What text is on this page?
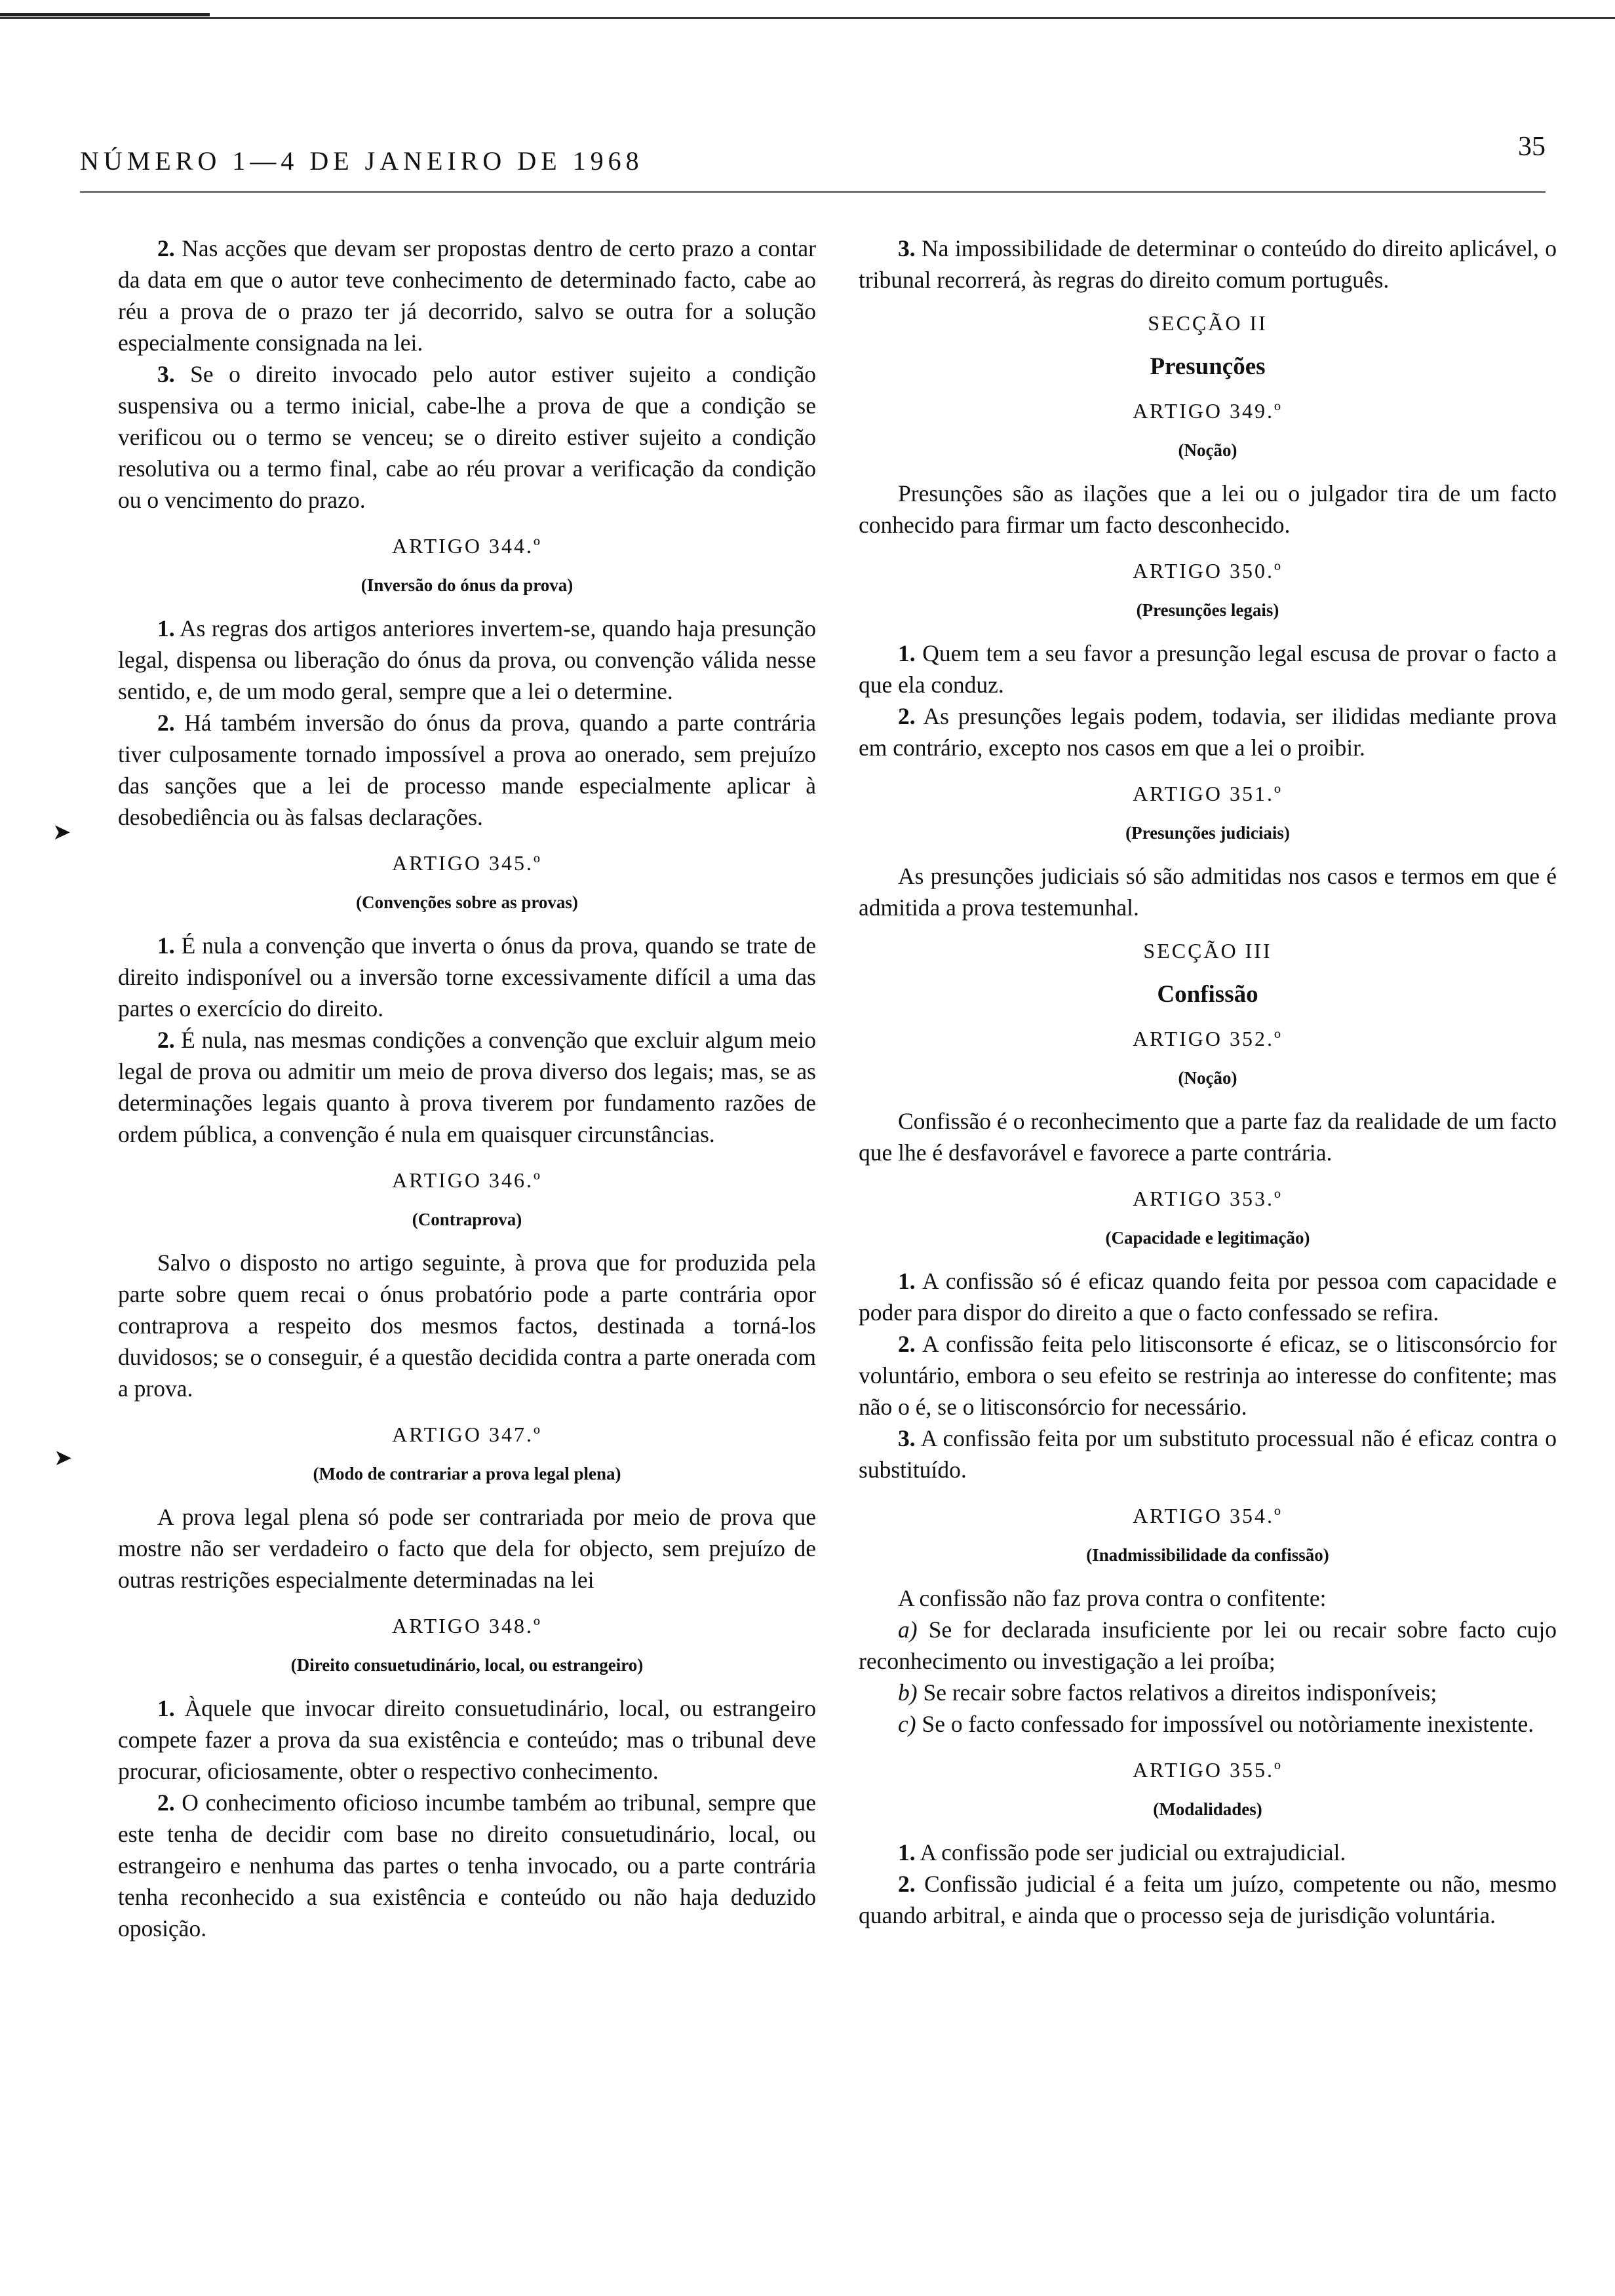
NÚMERO 1—4 DE JANEIRO DE 1968	35
➤
➤

2. Nas acções que devam ser propostas dentro de certo prazo a contar da data em que o autor teve conhecimento de determinado facto, cabe ao réu a prova de o prazo ter já decorrido, salvo se outra for a solução especialmente consignada na lei.

3. Se o direito invocado pelo autor estiver sujeito a condição suspensiva ou a termo inicial, cabe-lhe a prova de que a condição se verificou ou o termo se venceu; se o direito estiver sujeito a condição resolutiva ou a termo final, cabe ao réu provar a verificação da condição ou o vencimento do prazo.

ARTIGO 344.º
(Inversão do ónus da prova)

1. As regras dos artigos anteriores invertem-se, quando haja presunção legal, dispensa ou liberação do ónus da prova, ou convenção válida nesse sentido, e, de um modo geral, sempre que a lei o determine.

2. Há também inversão do ónus da prova, quando a parte contrária tiver culposamente tornado impossível a prova ao onerado, sem prejuízo das sanções que a lei de processo mande especialmente aplicar à desobediência ou às falsas declarações.

ARTIGO 345.º
(Convenções sobre as provas)

1. É nula a convenção que inverta o ónus da prova, quando se trate de direito indisponível ou a inversão torne excessivamente difícil a uma das partes o exercício do direito.

2. É nula, nas mesmas condições a convenção que excluir algum meio legal de prova ou admitir um meio de prova diverso dos legais; mas, se as determinações legais quanto à prova tiverem por fundamento razões de ordem pública, a convenção é nula em quaisquer circunstâncias.

ARTIGO 346.º
(Contraprova)

Salvo o disposto no artigo seguinte, à prova que for produzida pela parte sobre quem recai o ónus probatório pode a parte contrária opor contraprova a respeito dos mesmos factos, destinada a torná-los duvidosos; se o conseguir, é a questão decidida contra a parte onerada com a prova.

ARTIGO 347.º
(Modo de contrariar a prova legal plena)

A prova legal plena só pode ser contrariada por meio de prova que mostre não ser verdadeiro o facto que dela for objecto, sem prejuízo de outras restrições especialmente determinadas na lei

ARTIGO 348.º
(Direito consuetudinário, local, ou estrangeiro)

1. Àquele que invocar direito consuetudinário, local, ou estrangeiro compete fazer a prova da sua existência e conteúdo; mas o tribunal deve procurar, oficiosamente, obter o respectivo conhecimento.

2. O conhecimento oficioso incumbe também ao tribunal, sempre que este tenha de decidir com base no direito consuetudinário, local, ou estrangeiro e nenhuma das partes o tenha invocado, ou a parte contrária tenha reconhecido a sua existência e conteúdo ou não haja deduzido oposição.

3. Na impossibilidade de determinar o conteúdo do direito aplicável, o tribunal recorrerá, às regras do direito comum português.

SECÇÃO II
Presunções
ARTIGO 349.º
(Noção)

Presunções são as ilações que a lei ou o julgador tira de um facto conhecido para firmar um facto desconhecido.

ARTIGO 350.º
(Presunções legais)

1. Quem tem a seu favor a presunção legal escusa de provar o facto a que ela conduz.

2. As presunções legais podem, todavia, ser ilididas mediante prova em contrário, excepto nos casos em que a lei o proibir.

ARTIGO 351.º
(Presunções judiciais)

As presunções judiciais só são admitidas nos casos e termos em que é admitida a prova testemunhal.

SECÇÃO III
Confissão
ARTIGO 352.º
(Noção)

Confissão é o reconhecimento que a parte faz da realidade de um facto que lhe é desfavorável e favorece a parte contrária.

ARTIGO 353.º
(Capacidade e legitimação)

1. A confissão só é eficaz quando feita por pessoa com capacidade e poder para dispor do direito a que o facto confessado se refira.

2. A confissão feita pelo litisconsorte é eficaz, se o litisconsórcio for voluntário, embora o seu efeito se restrinja ao interesse do confitente; mas não o é, se o litisconsórcio for necessário.

3. A confissão feita por um substituto processual não é eficaz contra o substituído.

ARTIGO 354.º
(Inadmissibilidade da confissão)

A confissão não faz prova contra o confitente:

a) Se for declarada insuficiente por lei ou recair sobre facto cujo reconhecimento ou investigação a lei proíba;

b) Se recair sobre factos relativos a direitos indisponíveis;

c) Se o facto confessado for impossível ou notòriamente inexistente.

ARTIGO 355.º
(Modalidades)

1. A confissão pode ser judicial ou extrajudicial.

2. Confissão judicial é a feita um juízo, competente ou não, mesmo quando arbitral, e ainda que o processo seja de jurisdição voluntária.
